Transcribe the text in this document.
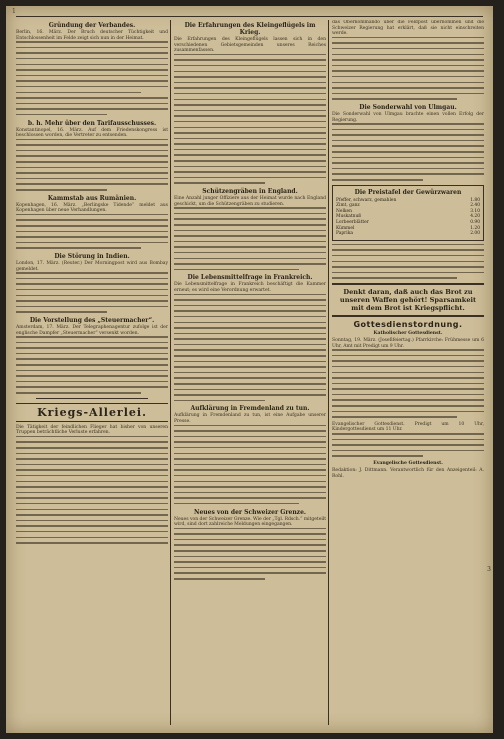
1
Gründung der Verbandes.
Berlin, 16. März. Der Bruch deutscher Tüchtigkeit und Entschlossenheit im Felde zeigt sich nun in der Heimat.
b. h. Mehr über den Tarifausschusses.
Konstantinopel, 16. März. Auf dem Friedenskongress ist beschlossen worden, die Vertreter zu entsenden.
Kammstab aus Rumänien.
Kopenhagen, 16. März. „Berlingske Tidende“ meldet aus Kopenhagen über neue Verhandlungen.
Die Störung in Indien.
London, 17. März. (Reuter.) Der Morningpost wird aus Bombay gemeldet.
Die Vorstellung des „Steuermacher“.
Amsterdam, 17. März. Der Telegraphenagentur zufolge ist der englische Dampfer „Steuermacher“ versenkt worden.
Kriegs-Allerlei.
Die Tätigkeit der feindlichen Flieger hat bisher von unseren Truppen beträchtliche Verluste erfahren.
Die Erfahrungen des Kleingeflügels im Krieg.
Die Erfahrungen des Kleingeflügels lassen sich in den verschiedenen Gebietsgemeinden unseres Reiches zusammenfassen.
Schützengräben in England.
Eine Anzahl junger Offiziere aus der Heimat wurde nach England geschickt, um die Schützengräben zu studieren.
Die Lebensmittelfrage in Frankreich.
Die Lebensmittelfrage in Frankreich beschäftigt die Kammer erneut; es wird eine Verordnung erwartet.
Aufklärung in Fremdenland zu tun.
Aufklärung in Fremdenland zu tun, ist eine Aufgabe unserer Presse.
Neues von der Schweizer Grenze.
Neues von der Schweizer Grenze. Wie der „Tgl. Rdsch.“ mitgeteilt wird, sind dort zahlreiche Meldungen eingegangen.
das Oberkommando über die Feldpost übernommen und die Schweizer Regierung hat erklärt, daß sie nicht einschreiten werde.
Die Sonderwahl von Ulmgau.
Die Sonderwahl von Ulmgau brachte einen vollen Erfolg der Regierung.
Die Preistafel der Gewürzwaren
Pfeffer, schwarz, gemahlen	1.80
Zimt, ganz	2.40
Nelken	3.10
Muskatnuß	4.20
Lorbeerblätter	0.90
Kümmel	1.20
Paprika	2.00
Denkt daran, daß auch das Brot zu unseren Waffen gehört! Sparsamkeit mit dem Brot ist Kriegspflicht.
Gottesdienstordnung.
Katholischer Gottesdienst.
Sonntag, 19. März. (Josefifeiertag.) Pfarrkirche: Frühmesse um 6 Uhr, Amt mit Predigt um 9 Uhr.
Evangelischer Gottesdienst. Predigt um 10 Uhr, Kindergottesdienst um 11 Uhr.
Evangelische Gottesdienst.
Redaktion: J. Dittmann. Verantwortlich für den Anzeigenteil: A. Rohl.
3
